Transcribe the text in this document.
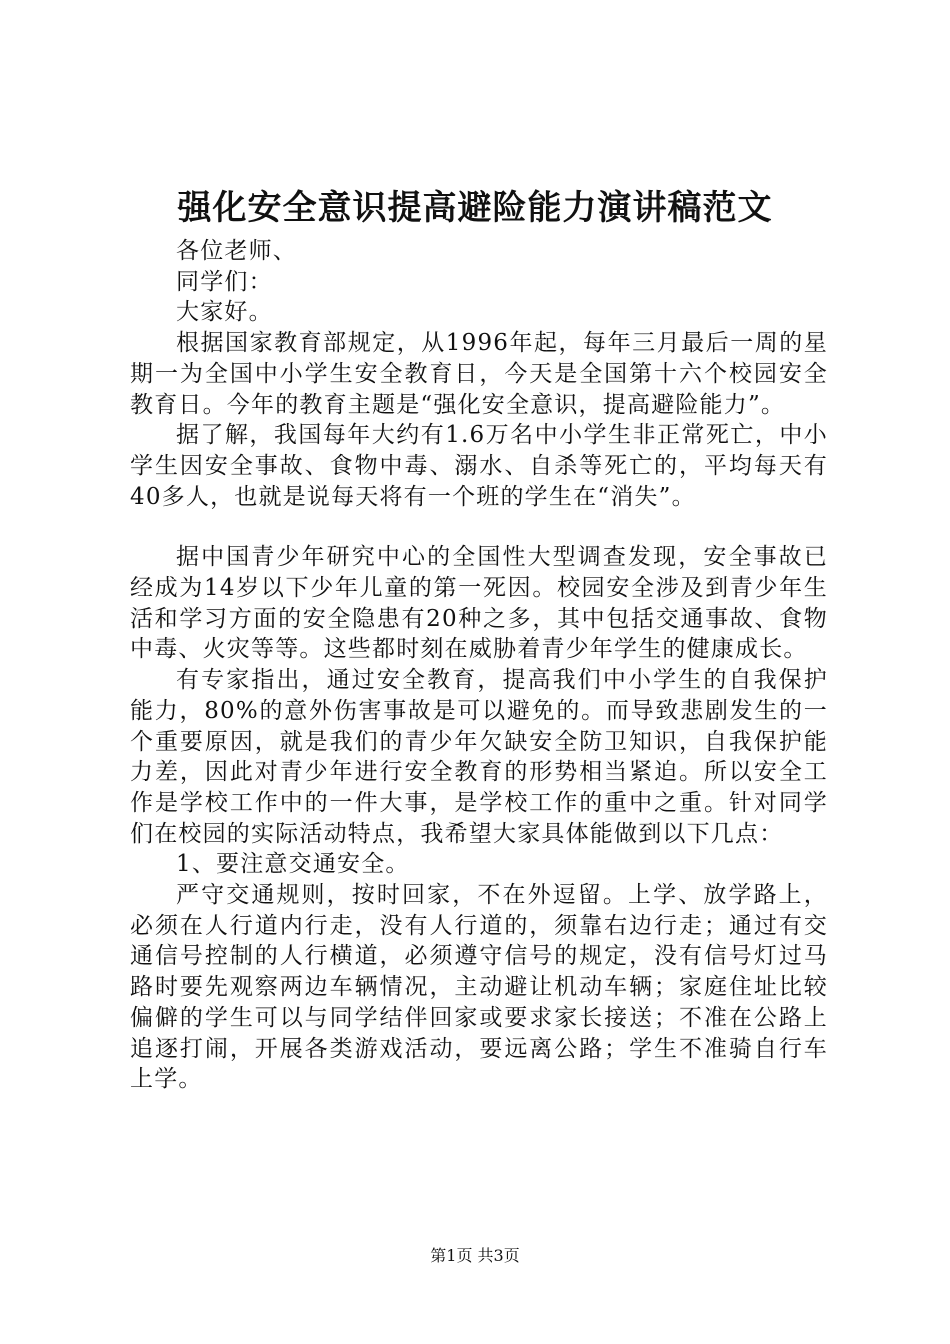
强化安全意识提高避险能力演讲稿范文

各位老师、

同学们：

大家好。

根据国家教育部规定，从1996年起，每年三月最后一周的星期一为全国中小学生安全教育日，今天是全国第十六个校园安全教育日。今年的教育主题是“强化安全意识，提高避险能力”。

据了解，我国每年大约有1.6万名中小学生非正常死亡，中小学生因安全事故、食物中毒、溺水、自杀等死亡的，平均每天有40多人，也就是说每天将有一个班的学生在“消失”。

据中国青少年研究中心的全国性大型调查发现，安全事故已经成为14岁以下少年儿童的第一死因。校园安全涉及到青少年生活和学习方面的安全隐患有20种之多，其中包括交通事故、食物中毒、火灾等等。这些都时刻在威胁着青少年学生的健康成长。

有专家指出，通过安全教育，提高我们中小学生的自我保护能力，80%的意外伤害事故是可以避免的。而导致悲剧发生的一个重要原因，就是我们的青少年欠缺安全防卫知识，自我保护能力差，因此对青少年进行安全教育的形势相当紧迫。所以安全工作是学校工作中的一件大事，是学校工作的重中之重。针对同学们在校园的实际活动特点，我希望大家具体能做到以下几点：

1、要注意交通安全。

严守交通规则，按时回家，不在外逗留。上学、放学路上，必须在人行道内行走，没有人行道的，须靠右边行走；通过有交通信号控制的人行横道，必须遵守信号的规定，没有信号灯过马路时要先观察两边车辆情况，主动避让机动车辆；家庭住址比较偏僻的学生可以与同学结伴回家或要求家长接送；不准在公路上追逐打闹，开展各类游戏活动，要远离公路；学生不准骑自行车上学。

第1页 共3页
